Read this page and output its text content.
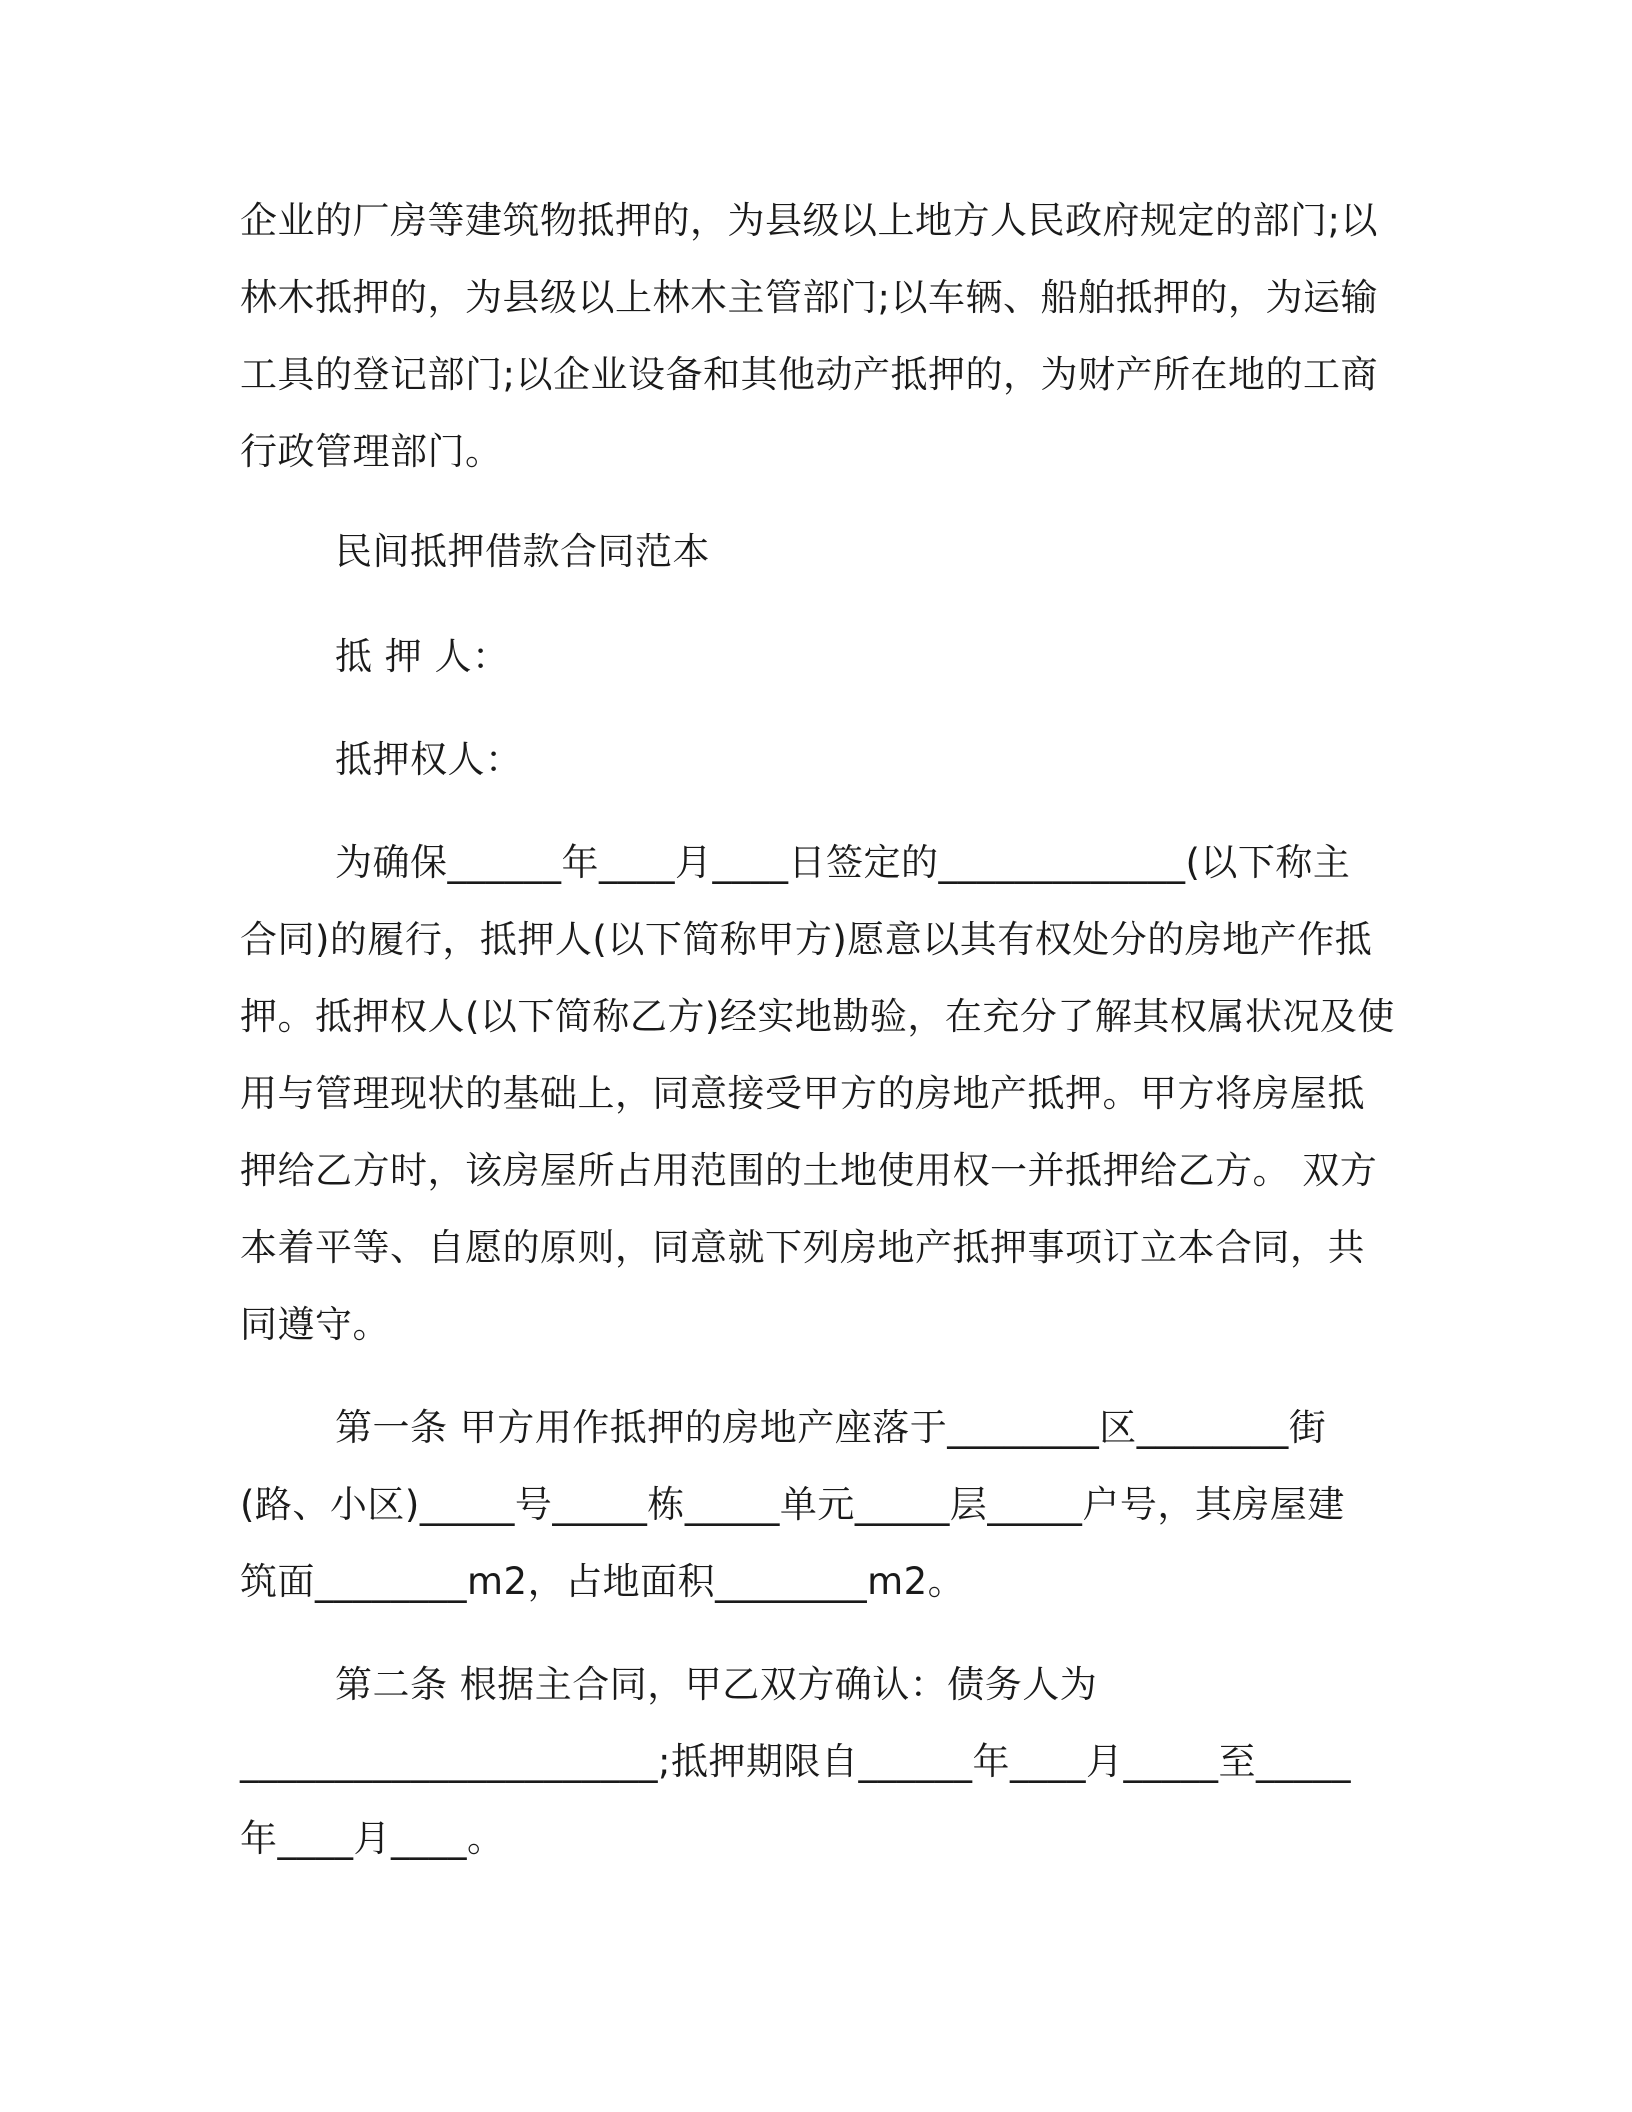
企业的厂房等建筑物抵押的，为县级以上地方人民政府规定的部门;以
林木抵押的，为县级以上林木主管部门;以车辆、船舶抵押的，为运输
工具的登记部门;以企业设备和其他动产抵押的，为财产所在地的工商
行政管理部门。
民间抵押借款合同范本
抵 押 人：
抵押权人：
为确保______年____月____日签定的_____________(以下称主
合同)的履行，抵押人(以下简称甲方)愿意以其有权处分的房地产作抵
押。抵押权人(以下简称乙方)经实地勘验，在充分了解其权属状况及使
用与管理现状的基础上，同意接受甲方的房地产抵押。甲方将房屋抵
押给乙方时，该房屋所占用范围的土地使用权一并抵押给乙方。 双方
本着平等、自愿的原则，同意就下列房地产抵押事项订立本合同，共
同遵守。
第一条 甲方用作抵押的房地产座落于________区________街
(路、小区)_____号_____栋_____单元_____层_____户号，其房屋建
筑面________m2，占地面积________m2。
第二条 根据主合同，甲乙双方确认：债务人为
______________________;抵押期限自______年____月_____至_____
年____月____。
